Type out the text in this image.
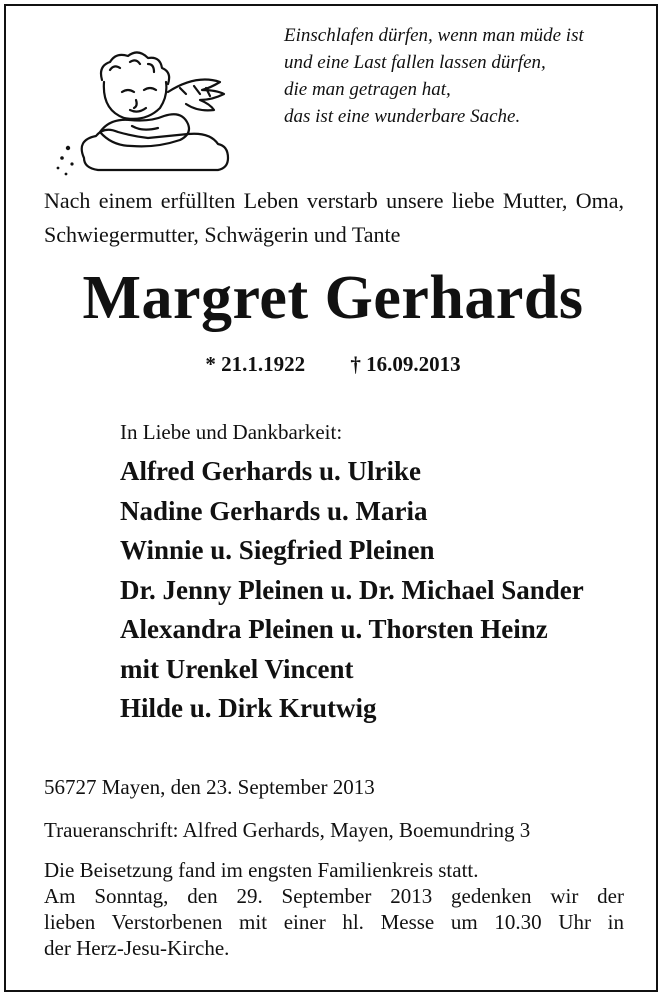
Einschlafen dürfen, wenn man müde ist
und eine Last fallen lassen dürfen,
die man getragen hat,
das ist eine wunderbare Sache.
Nach einem erfüllten Leben verstarb unsere liebe Mutter, Oma, Schwiegermutter, Schwägerin und Tante
Margret Gerhards
* 21.1.1922 † 16.09.2013
In Liebe und Dankbarkeit:
Alfred Gerhards u. Ulrike
Nadine Gerhards u. Maria
Winnie u. Siegfried Pleinen
Dr. Jenny Pleinen u. Dr. Michael Sander
Alexandra Pleinen u. Thorsten Heinz
mit Urenkel Vincent
Hilde u. Dirk Krutwig
56727 Mayen, den 23. September 2013
Traueranschrift: Alfred Gerhards, Mayen, Boemundring 3
Die Beisetzung fand im engsten Familienkreis statt.
Am Sonntag, den 29. September 2013 gedenken wir der
lieben Verstorbenen mit einer hl. Messe um 10.30 Uhr in
der Herz-Jesu-Kirche.
